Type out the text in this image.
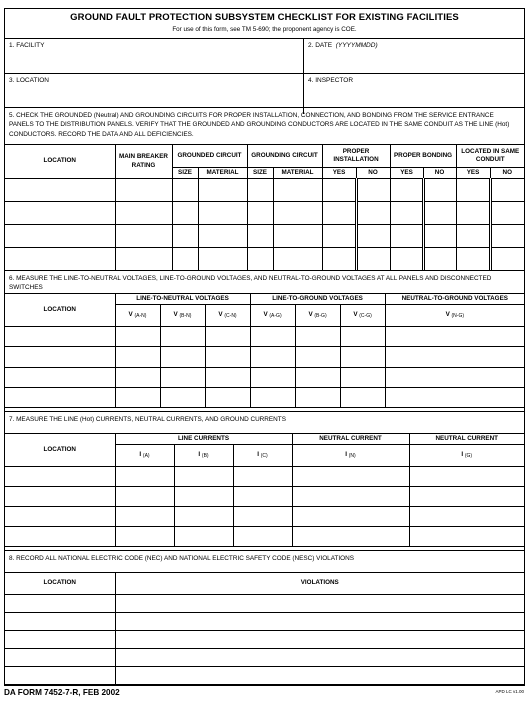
GROUND FAULT PROTECTION SUBSYSTEM CHECKLIST FOR EXISTING FACILITIES
For use of this form, see TM 5-690; the proponent agency is COE.
1. FACILITY	2. DATE (YYYYMMDD)
3. LOCATION	4. INSPECTOR
5. CHECK THE GROUNDED (Neutral) AND GROUNDING CIRCUITS FOR PROPER INSTALLATION, CONNECTION, AND BONDING FROM THE SERVICE ENTRANCE PANELS TO THE DISTRIBUTION PANELS. VERIFY THAT THE GROUNDED AND GROUNDING CONDUCTORS ARE LOCATED IN THE SAME CONDUIT AS THE LINE (Hot) CONDUCTORS. RECORD THE DATA AND ALL DEFICIENCIES.
LOCATION	MAIN BREAKER RATING	GROUNDED CIRCUIT		GROUNDING CIRCUIT		PROPER INSTALLATION		PROPER BONDING		LOCATED IN SAME CONDUIT	
		SIZE	MATERIAL	SIZE	MATERIAL	YES	NO	YES	NO	YES	NO

6. MEASURE THE LINE-TO-NEUTRAL VOLTAGES, LINE-TO-GROUND VOLTAGES, AND NEUTRAL-TO-GROUND VOLTAGES AT ALL PANELS AND DISCONNECTED SWITCHES
LOCATION	LINE-TO-NEUTRAL VOLTAGES			LINE-TO-GROUND VOLTAGES			NEUTRAL-TO-GROUND VOLTAGES
	V $_{(A-N)}$	V $_{(B-N)}$	V $_{(C-N)}$	V $_{(A-G)}$	V $_{(B-G)}$	V $_{(C-G)}$	V $_{(N-G)}$

7. MEASURE THE LINE (Hot) CURRENTS, NEUTRAL CURRENTS, AND GROUND CURRENTS
LOCATION	LINE CURRENTS			NEUTRAL CURRENT	NEUTRAL CURRENT
	I $_{(A)}$	I $_{(B)}$	I $_{(C)}$	I $_{(N)}$	I $_{(G)}$

8. RECORD ALL NATIONAL ELECTRIC CODE (NEC) AND NATIONAL ELECTRIC SAFETY CODE (NESC) VIOLATIONS
LOCATION	VIOLATIONS

DA FORM 7452-7-R, FEB 2002	APD LC v1.00
